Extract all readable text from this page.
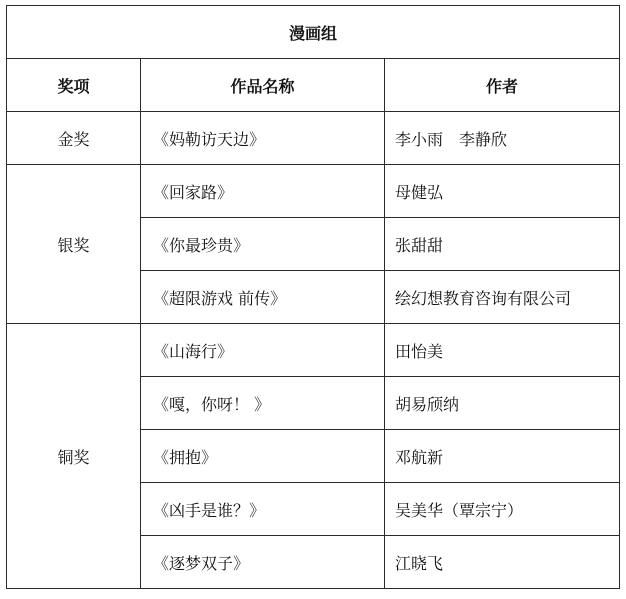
漫画组		
奖项	作品名称	作者
金奖	《妈勒访天边》	李小雨　李静欣
银奖	《回家路》	母健弘
	《你最珍贵》	张甜甜
	《超限游戏 前传》	绘幻想教育咨询有限公司
铜奖	《山海行》	田怡美
	《嘎，你呀！ 》	胡易颀纳
	《拥抱》	邓航新
	《凶手是谁？》	吴美华（覃宗宁）
	《逐梦双子》	江晓飞
